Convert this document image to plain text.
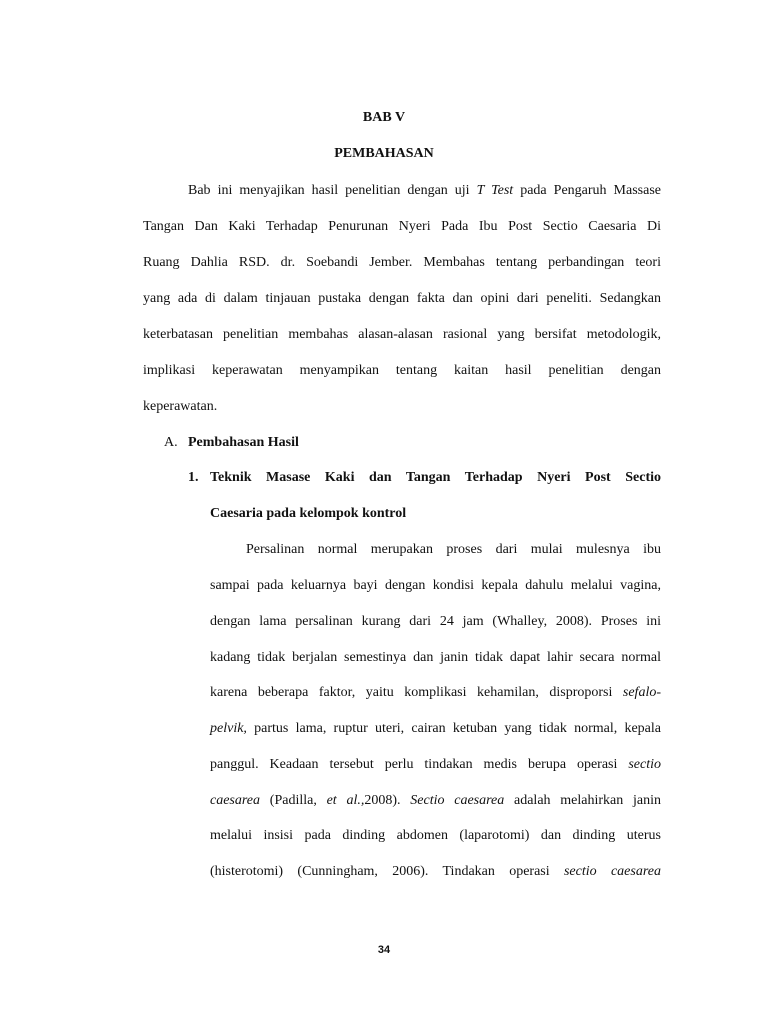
BAB V
PEMBAHASAN
Bab ini menyajikan hasil penelitian dengan uji T Test pada Pengaruh Massase
Tangan Dan Kaki Terhadap Penurunan Nyeri Pada Ibu Post Sectio Caesaria Di
Ruang Dahlia RSD. dr. Soebandi Jember. Membahas tentang perbandingan teori
yang ada di dalam tinjauan pustaka dengan fakta dan opini dari peneliti. Sedangkan
keterbatasan penelitian membahas alasan-alasan rasional yang bersifat metodologik,
implikasi keperawatan menyampikan tentang kaitan hasil penelitian dengan
keperawatan.
A. Pembahasan Hasil
1. Teknik Masase Kaki dan Tangan Terhadap Nyeri Post Sectio
Caesaria pada kelompok kontrol
Persalinan normal merupakan proses dari mulai mulesnya ibu
sampai pada keluarnya bayi dengan kondisi kepala dahulu melalui vagina,
dengan lama persalinan kurang dari 24 jam (Whalley, 2008). Proses ini
kadang tidak berjalan semestinya dan janin tidak dapat lahir secara normal
karena beberapa faktor, yaitu komplikasi kehamilan, disproporsi sefalo-
pelvik, partus lama, ruptur uteri, cairan ketuban yang tidak normal, kepala
panggul. Keadaan tersebut perlu tindakan medis berupa operasi sectio
caesarea (Padilla, et al.,2008). Sectio caesarea adalah melahirkan janin
melalui insisi pada dinding abdomen (laparotomi) dan dinding uterus
(histerotomi) (Cunningham, 2006). Tindakan operasi sectio caesarea
34
